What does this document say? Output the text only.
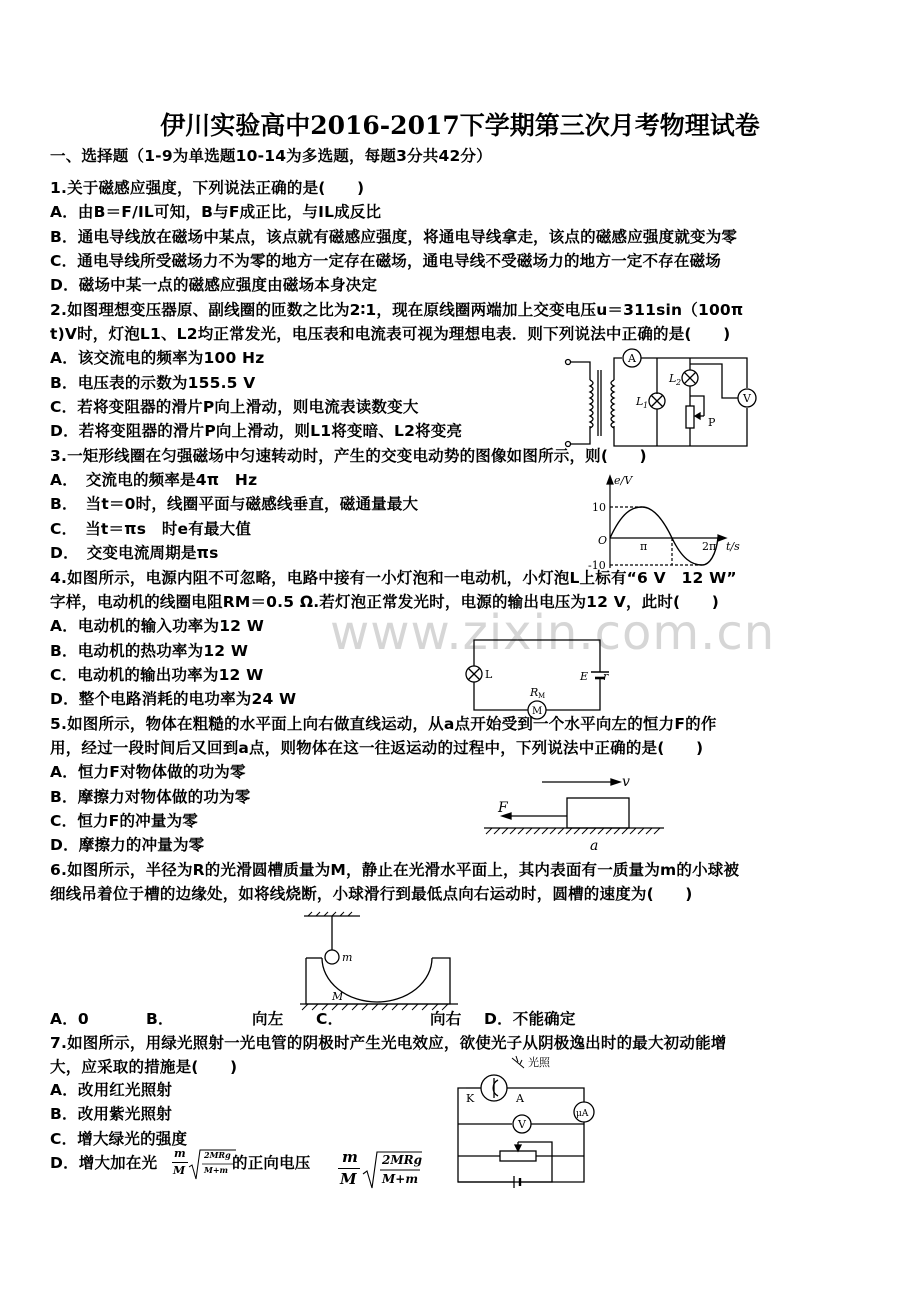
伊川实验高中2016-2017下学期第三次月考物理试卷
一、选择题（1-9为单选题10-14为多选题，每题3分共42分）
www.zixin.com.cn
1.关于磁感应强度，下列说法正确的是(　　)
A．由B＝F/IL可知，B与F成正比，与IL成反比
B．通电导线放在磁场中某点，该点就有磁感应强度，将通电导线拿走，该点的磁感应强度就变为零
C．通电导线所受磁场力不为零的地方一定存在磁场，通电导线不受磁场力的地方一定不存在磁场
D．磁场中某一点的磁感应强度由磁场本身决定
2.如图理想变压器原、副线圈的匝数之比为2∶1，现在原线圈两端加上交变电压u＝311sin（100π
t)V时，灯泡L1、L2均正常发光，电压表和电流表可视为理想电表．则下列说法中正确的是(　　)
A．该交流电的频率为100 Hz
B．电压表的示数为155.5 V
C．若将变阻器的滑片P向上滑动，则电流表读数变大
D．若将变阻器的滑片P向上滑动，则L1将变暗、L2将变亮
A
V
L 1
L 2
P
3.一矩形线圈在匀强磁场中匀速转动时，产生的交变电动势的图像如图所示，则(　　)
A．　交流电的频率是4π　Hz
B．　当t＝0时，线圈平面与磁感线垂直，磁通量最大
C．　当t＝πs　时e有最大值
D．　交变电流周期是πs
e/V
t/s
10
-10
O	π	2π
4.如图所示，电源内阻不可忽略，电路中接有一小灯泡和一电动机，小灯泡L上标有“6 V　12 W”
字样，电动机的线圈电阻RM＝0.5 Ω.若灯泡正常发光时，电源的输出电压为12 V，此时(　　)
A．电动机的输入功率为12 W
B．电动机的热功率为12 W
C．电动机的输出功率为12 W
D．整个电路消耗的电功率为24 W
L	E r
R M
M
5.如图所示，物体在粗糙的水平面上向右做直线运动，从a点开始受到一个水平向左的恒力F的作
用，经过一段时间后又回到a点，则物体在这一往返运动的过程中，下列说法中正确的是(　　)
A．恒力F对物体做的功为零
B．摩擦力对物体做的功为零
C．恒力F的冲量为零
D．摩擦力的冲量为零
v
F
a
6.如图所示，半径为R的光滑圆槽质量为M，静止在光滑水平面上，其内表面有一质量为m的小球被
细线吊着位于槽的边缘处，如将线烧断，小球滑行到最低点向右运动时，圆槽的速度为(　　)
m
M
A．0	B．	向左 C．	向右 D．不能确定
7.如图所示，用绿光照射一光电管的阴极时产生光电效应，欲使光子从阴极逸出时的最大初动能增
大，应采取的措施是(　　)
A．改用红光照射
B．改用紫光照射
C．增大绿光的强度
D．增大加在光
m
M
2MRg
M+m 的正向电压 m
M
2MRg
M+m
光照
K	A
V
μA
